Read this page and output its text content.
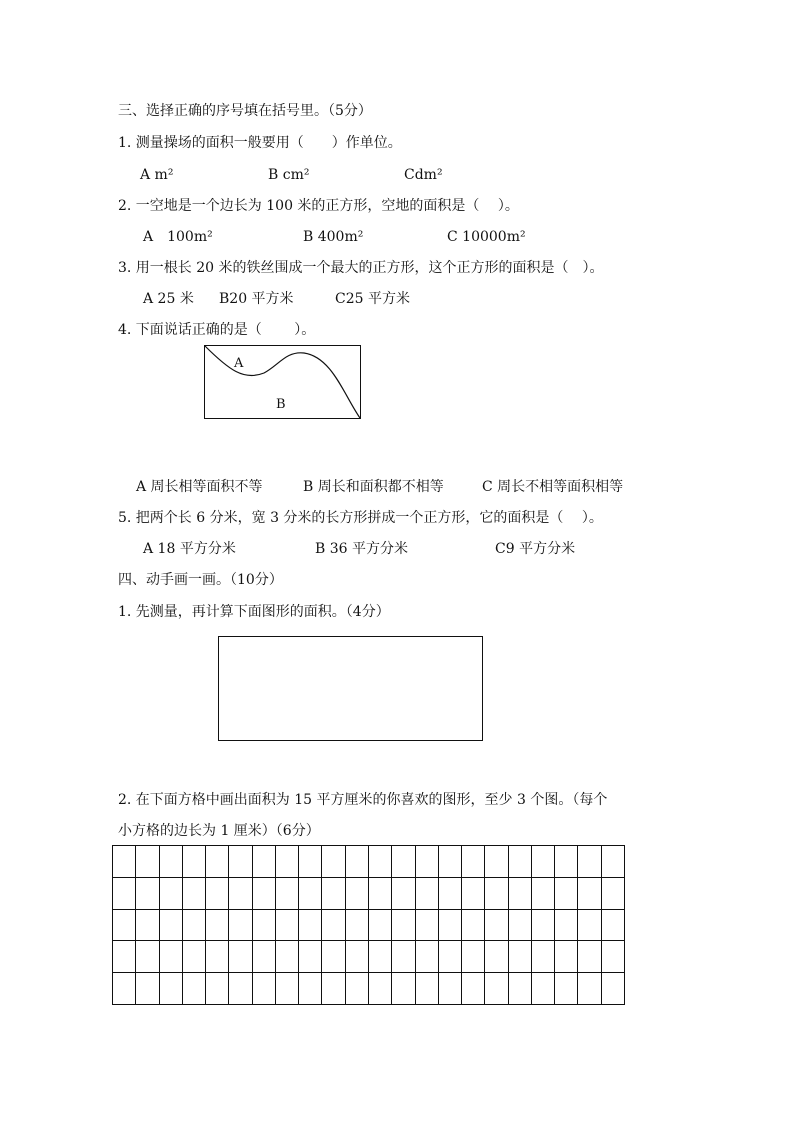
三、选择正确的序号填在括号里。（5分）
1. 测量操场的面积一般要用（　　）作单位。
A m²	B cm²	Cdm²
2. 一空地是一个边长为 100 米的正方形，空地的面积是（　 ）。
A　100m²	B 400m²	C 10000m²
3. 用一根长 20 米的铁丝围成一个最大的正方形，这个正方形的面积是（　）。
A 25 米 B20 平方米	C25 平方米
4. 下面说话正确的是（　　 ）。
A
B
A 周长相等面积不等	B 周长和面积都不相等	C 周长不相等面积相等
5. 把两个长 6 分米，宽 3 分米的长方形拼成一个正方形，它的面积是（　 ）。
A 18 平方分米	B 36 平方分米	C9 平方分米
四、动手画一画。（10分）
1. 先测量，再计算下面图形的面积。（4分）
2. 在下面方格中画出面积为 15 平方厘米的你喜欢的图形，至少 3 个图。（每个
小方格的边长为 1 厘米）（6分）
